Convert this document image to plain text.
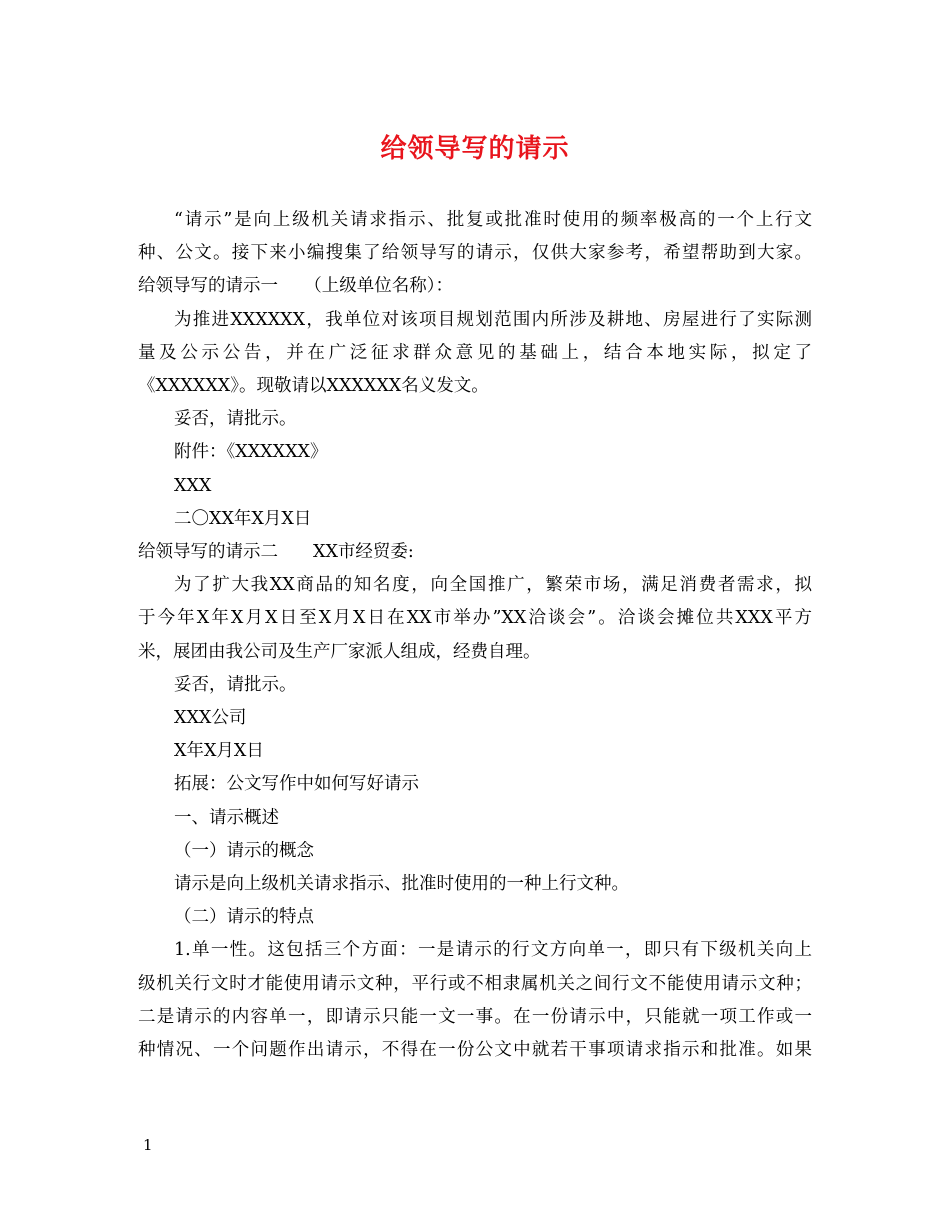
给领导写的请示

“请示”是向上级机关请求指示、批复或批准时使用的频率极高的一个上行文

种、公文。接下来小编搜集了给领导写的请示，仅供大家参考，希望帮助到大家。

给领导写的请示一　　（上级单位名称）：

为推进XXXXXX，我单位对该项目规划范围内所涉及耕地、房屋进行了实际测

量及公示公告，并在广泛征求群众意见的基础上，结合本地实际，拟定了

《XXXXXX》。现敬请以XXXXXX名义发文。

妥否，请批示。

附件：《XXXXXX》

XXX

二〇XX年X月X日

给领导写的请示二　　XX市经贸委:

为了扩大我XX商品的知名度，向全国推广，繁荣市场，满足消费者需求，拟

于今年X年X月X日至X月X日在XX市举办”XX洽谈会”。洽谈会摊位共XXX平方

米，展团由我公司及生产厂家派人组成，经费自理。

妥否，请批示。

XXX公司

X年X月X日

拓展：公文写作中如何写好请示

一、请示概述

（一）请示的概念

请示是向上级机关请求指示、批准时使用的一种上行文种。

（二）请示的特点

1.单一性。这包括三个方面：一是请示的行文方向单一，即只有下级机关向上

级机关行文时才能使用请示文种，平行或不相隶属机关之间行文不能使用请示文种；

二是请示的内容单一，即请示只能一文一事。在一份请示中，只能就一项工作或一

种情况、一个问题作出请示，不得在一份公文中就若干事项请求指示和批准。如果

1
